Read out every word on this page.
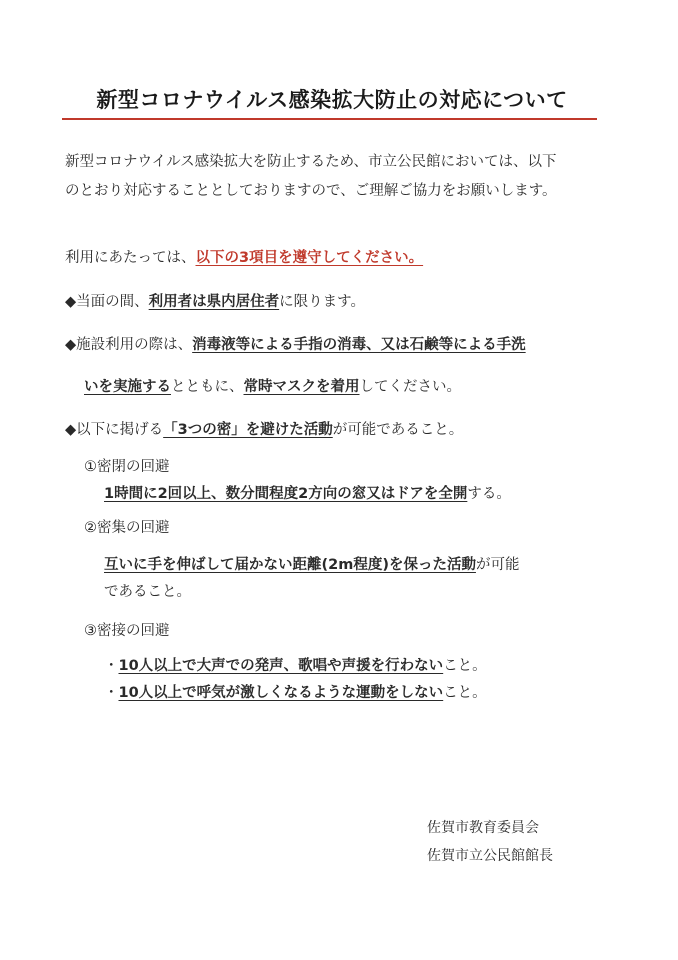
新型コロナウイルス感染拡大防止の対応について
新型コロナウイルス感染拡大を防止するため、市立公民館においては、以下
のとおり対応することとしておりますので、ご理解ご協力をお願いします。
利用にあたっては、以下の3項目を遵守してください。
◆当面の間、利用者は県内居住者に限ります。
◆施設利用の際は、消毒液等による手指の消毒、又は石鹸等による手洗
いを実施するとともに、常時マスクを着用してください。
◆以下に掲げる「3つの密」を避けた活動が可能であること。
①密閉の回避
1時間に2回以上、数分間程度2方向の窓又はドアを全開する。
②密集の回避
互いに手を伸ばして届かない距離(2m程度)を保った活動が可能
であること。
③密接の回避
・10人以上で大声での発声、歌唱や声援を行わないこと。
・10人以上で呼気が激しくなるような運動をしないこと。
佐賀市教育委員会
佐賀市立公民館館長
